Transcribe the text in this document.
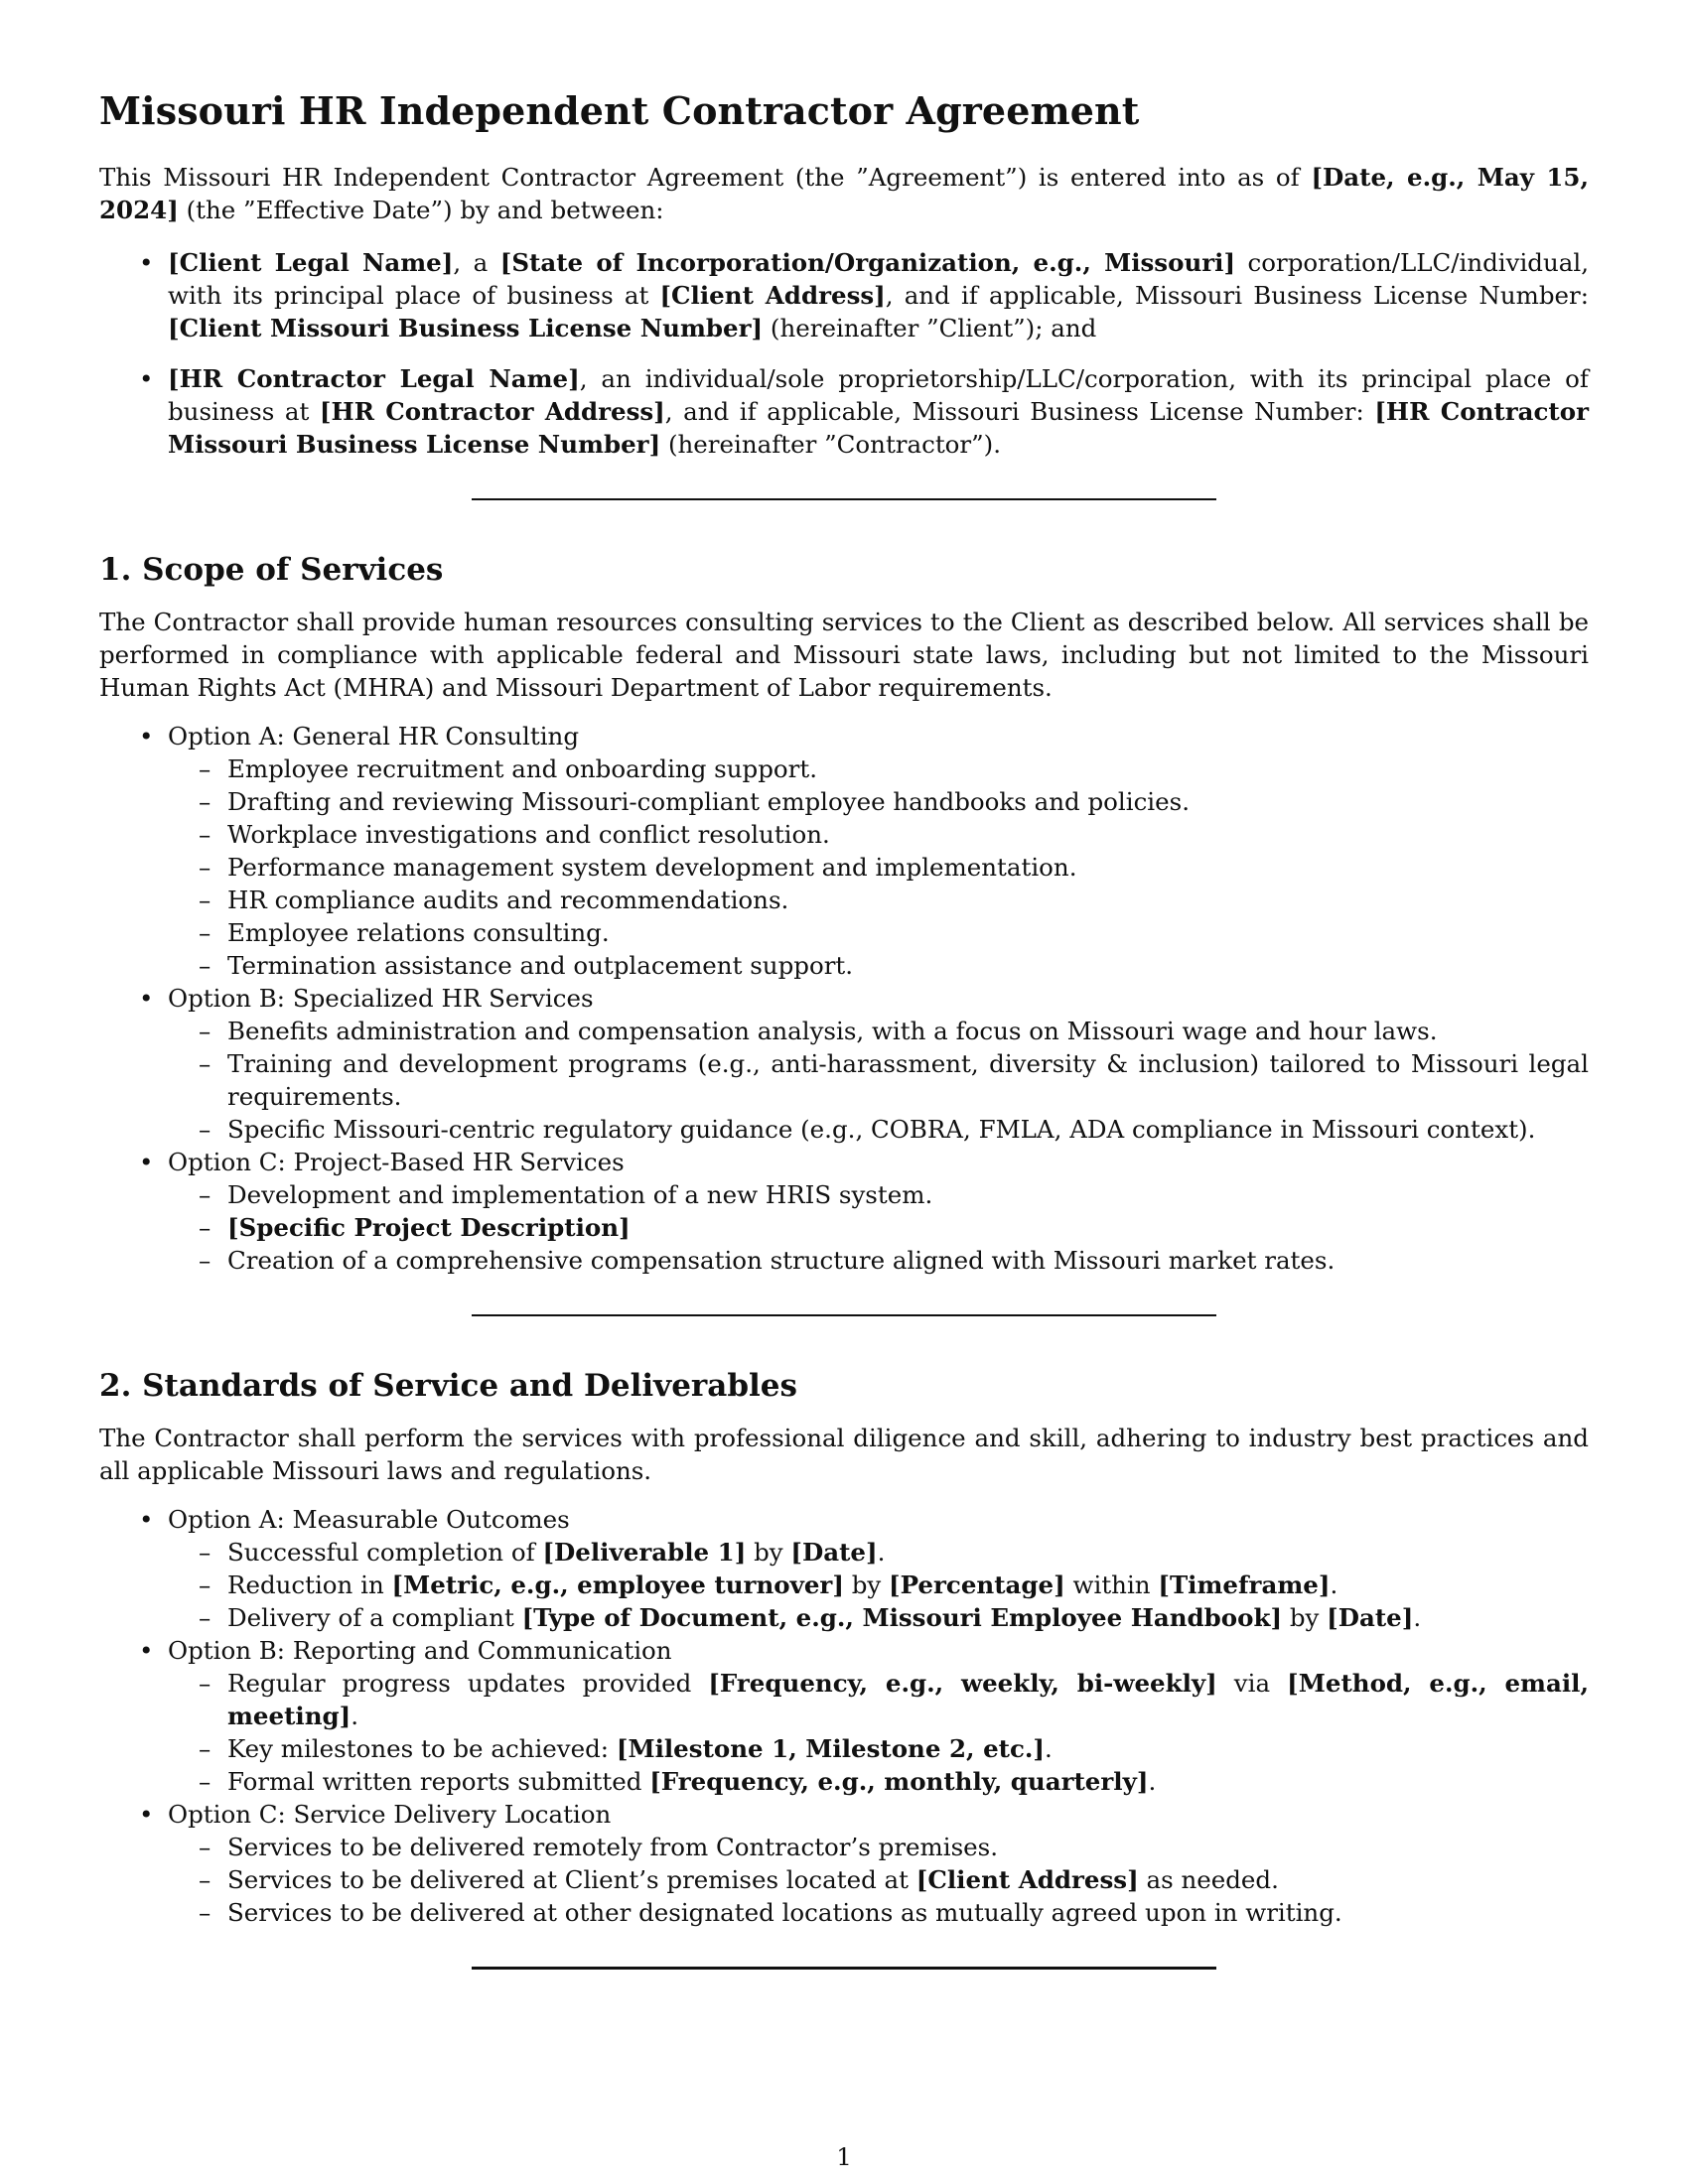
Missouri HR Independent Contractor Agreement

This Missouri HR Independent Contractor Agreement (the ”Agreement”) is entered into as of [Date, e.g., May 15, 2024] (the ”Effective Date”) by and between:

• [Client Legal Name], a [State of Incorporation/Organization, e.g., Missouri] corporation/LLC/individual, with its principal place of business at [Client Address], and if applicable, Missouri Business License Number: [Client Missouri Business License Number] (hereinafter ”Client”); and
• [HR Contractor Legal Name], an individual/sole proprietorship/LLC/corporation, with its principal place of business at [HR Contractor Address], and if applicable, Missouri Business License Number: [HR Contractor Missouri Business License Number] (hereinafter ”Contractor”).
1. Scope of Services

The Contractor shall provide human resources consulting services to the Client as described below. All services shall be performed in compliance with applicable federal and Missouri state laws, including but not limited to the Missouri Human Rights Act (MHRA) and Missouri Department of Labor requirements.

• Option A: General HR Consulting
– Employee recruitment and onboarding support.
– Drafting and reviewing Missouri-compliant employee handbooks and policies.
– Workplace investigations and conflict resolution.
– Performance management system development and implementation.
– HR compliance audits and recommendations.
– Employee relations consulting.
– Termination assistance and outplacement support.
• Option B: Specialized HR Services
– Benefits administration and compensation analysis, with a focus on Missouri wage and hour laws.
– Training and development programs (e.g., anti-harassment, diversity & inclusion) tailored to Missouri legal requirements.
– Specific Missouri-centric regulatory guidance (e.g., COBRA, FMLA, ADA compliance in Missouri context).
• Option C: Project-Based HR Services
– Development and implementation of a new HRIS system.
– [Specific Project Description]
– Creation of a comprehensive compensation structure aligned with Missouri market rates.
2. Standards of Service and Deliverables

The Contractor shall perform the services with professional diligence and skill, adhering to industry best practices and all applicable Missouri laws and regulations.

• Option A: Measurable Outcomes
– Successful completion of [Deliverable 1] by [Date].
– Reduction in [Metric, e.g., employee turnover] by [Percentage] within [Timeframe].
– Delivery of a compliant [Type of Document, e.g., Missouri Employee Handbook] by [Date].
• Option B: Reporting and Communication
– Regular progress updates provided [Frequency, e.g., weekly, bi-weekly] via [Method, e.g., email, meeting].
– Key milestones to be achieved: [Milestone 1, Milestone 2, etc.].
– Formal written reports submitted [Frequency, e.g., monthly, quarterly].
• Option C: Service Delivery Location
– Services to be delivered remotely from Contractor’s premises.
– Services to be delivered at Client’s premises located at [Client Address] as needed.
– Services to be delivered at other designated locations as mutually agreed upon in writing.
1
